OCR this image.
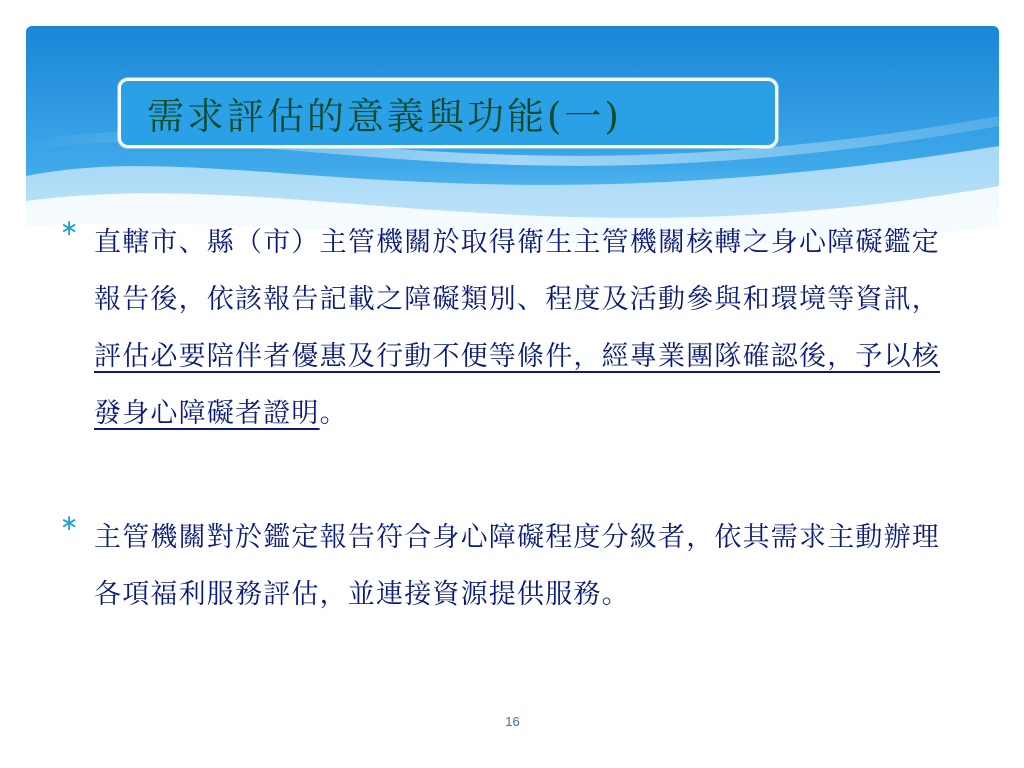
需求評估的意義與功能(一)
∗ 直轄市、縣（市）主管機關於取得衛生主管機關核轉之身心障礙鑑定報告後，依該報告記載之障礙類別、程度及活動參與和環境等資訊，評估必要陪伴者優惠及行動不便等條件，經專業團隊確認後，予以核發身心障礙者證明。
∗ 主管機關對於鑑定報告符合身心障礙程度分級者，依其需求主動辦理各項福利服務評估，並連接資源提供服務。
16
